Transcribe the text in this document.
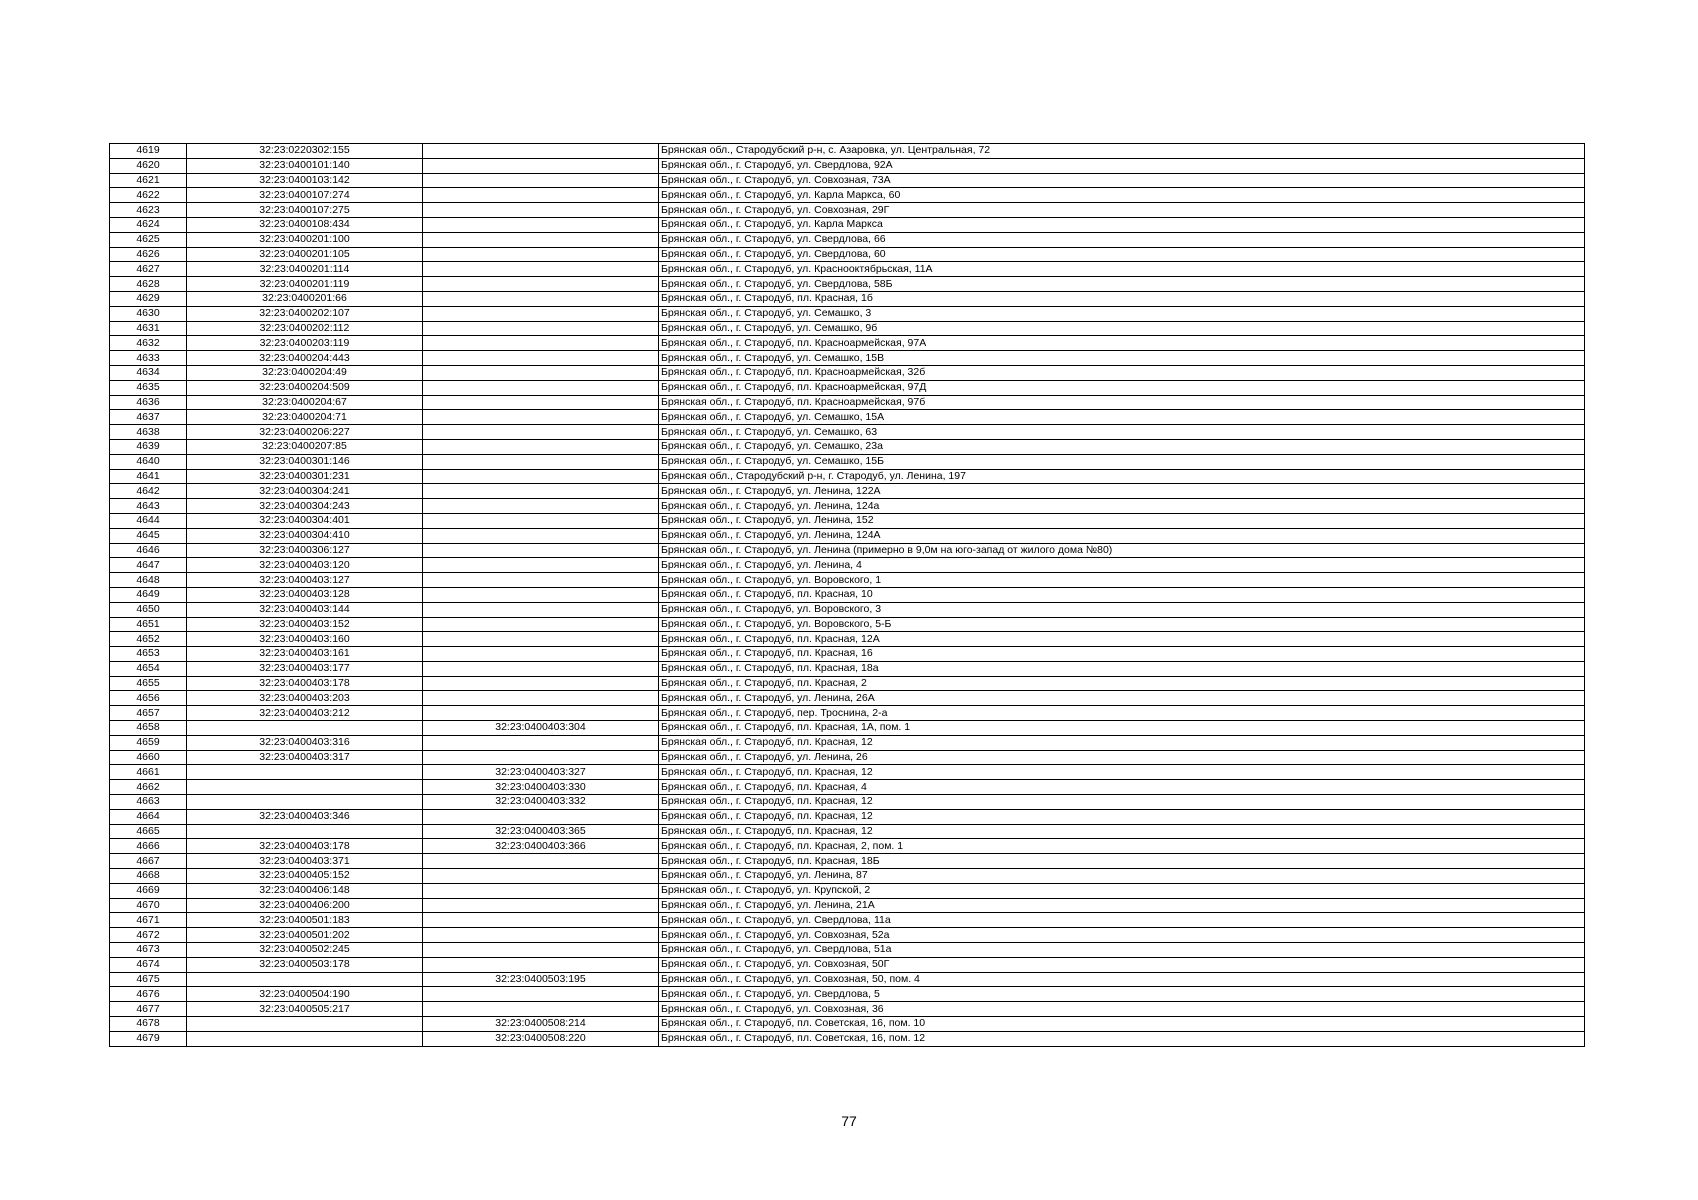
4619	32:23:0220302:155		Брянская обл., Стародубский р-н, с. Азаровка, ул. Центральная, 72
4620	32:23:0400101:140		Брянская обл., г. Стародуб, ул. Свердлова, 92А
4621	32:23:0400103:142		Брянская обл., г. Стародуб, ул. Совхозная, 73А
4622	32:23:0400107:274		Брянская обл., г. Стародуб, ул. Карла Маркса, 60
4623	32:23:0400107:275		Брянская обл., г. Стародуб, ул. Совхозная, 29Г
4624	32:23:0400108:434		Брянская обл., г. Стародуб, ул. Карла Маркса
4625	32:23:0400201:100		Брянская обл., г. Стародуб, ул. Свердлова, 66
4626	32:23:0400201:105		Брянская обл., г. Стародуб, ул. Свердлова, 60
4627	32:23:0400201:114		Брянская обл., г. Стародуб, ул. Краснооктябрьская, 11А
4628	32:23:0400201:119		Брянская обл., г. Стародуб, ул. Свердлова, 58Б
4629	32:23:0400201:66		Брянская обл., г. Стародуб, пл. Красная, 1б
4630	32:23:0400202:107		Брянская обл., г. Стародуб, ул. Семашко, 3
4631	32:23:0400202:112		Брянская обл., г. Стародуб, ул. Семашко, 9б
4632	32:23:0400203:119		Брянская обл., г. Стародуб, пл. Красноармейская, 97А
4633	32:23:0400204:443		Брянская обл., г. Стародуб, ул. Семашко, 15В
4634	32:23:0400204:49		Брянская обл., г. Стародуб, пл. Красноармейская, 32б
4635	32:23:0400204:509		Брянская обл., г. Стародуб, пл. Красноармейская, 97Д
4636	32:23:0400204:67		Брянская обл., г. Стародуб, пл. Красноармейская, 97б
4637	32:23:0400204:71		Брянская обл., г. Стародуб, ул. Семашко, 15А
4638	32:23:0400206:227		Брянская обл., г. Стародуб, ул. Семашко, 63
4639	32:23:0400207:85		Брянская обл., г. Стародуб, ул. Семашко, 23а
4640	32:23:0400301:146		Брянская обл., г. Стародуб, ул. Семашко, 15Б
4641	32:23:0400301:231		Брянская обл., Стародубский р-н, г. Стародуб, ул. Ленина, 197
4642	32:23:0400304:241		Брянская обл., г. Стародуб, ул. Ленина, 122А
4643	32:23:0400304:243		Брянская обл., г. Стародуб, ул. Ленина, 124а
4644	32:23:0400304:401		Брянская обл., г. Стародуб, ул. Ленина, 152
4645	32:23:0400304:410		Брянская обл., г. Стародуб, ул. Ленина, 124А
4646	32:23:0400306:127		Брянская обл., г. Стародуб, ул. Ленина (примерно в 9,0м на юго-запад от жилого дома №80)
4647	32:23:0400403:120		Брянская обл., г. Стародуб, ул. Ленина, 4
4648	32:23:0400403:127		Брянская обл., г. Стародуб, ул. Воровского, 1
4649	32:23:0400403:128		Брянская обл., г. Стародуб, пл. Красная, 10
4650	32:23:0400403:144		Брянская обл., г. Стародуб, ул. Воровского, 3
4651	32:23:0400403:152		Брянская обл., г. Стародуб, ул. Воровского, 5-Б
4652	32:23:0400403:160		Брянская обл., г. Стародуб, пл. Красная, 12А
4653	32:23:0400403:161		Брянская обл., г. Стародуб, пл. Красная, 16
4654	32:23:0400403:177		Брянская обл., г. Стародуб, пл. Красная, 18а
4655	32:23:0400403:178		Брянская обл., г. Стародуб, пл. Красная, 2
4656	32:23:0400403:203		Брянская обл., г. Стародуб, ул. Ленина, 26А
4657	32:23:0400403:212		Брянская обл., г. Стародуб, пер. Троснина, 2-а
4658		32:23:0400403:304	Брянская обл., г. Стародуб, пл. Красная, 1А, пом. 1
4659	32:23:0400403:316		Брянская обл., г. Стародуб, пл. Красная, 12
4660	32:23:0400403:317		Брянская обл., г. Стародуб, ул. Ленина, 26
4661		32:23:0400403:327	Брянская обл., г. Стародуб, пл. Красная, 12
4662		32:23:0400403:330	Брянская обл., г. Стародуб, пл. Красная, 4
4663		32:23:0400403:332	Брянская обл., г. Стародуб, пл. Красная, 12
4664	32:23:0400403:346		Брянская обл., г. Стародуб, пл. Красная, 12
4665		32:23:0400403:365	Брянская обл., г. Стародуб, пл. Красная, 12
4666	32:23:0400403:178	32:23:0400403:366	Брянская обл., г. Стародуб, пл. Красная, 2, пом. 1
4667	32:23:0400403:371		Брянская обл., г. Стародуб, пл. Красная, 18Б
4668	32:23:0400405:152		Брянская обл., г. Стародуб, ул. Ленина, 87
4669	32:23:0400406:148		Брянская обл., г. Стародуб, ул. Крупской, 2
4670	32:23:0400406:200		Брянская обл., г. Стародуб, ул. Ленина, 21А
4671	32:23:0400501:183		Брянская обл., г. Стародуб, ул. Свердлова, 11а
4672	32:23:0400501:202		Брянская обл., г. Стародуб, ул. Совхозная, 52а
4673	32:23:0400502:245		Брянская обл., г. Стародуб, ул. Свердлова, 51а
4674	32:23:0400503:178		Брянская обл., г. Стародуб, ул. Совхозная, 50Г
4675		32:23:0400503:195	Брянская обл., г. Стародуб, ул. Совхозная, 50, пом. 4
4676	32:23:0400504:190		Брянская обл., г. Стародуб, ул. Свердлова, 5
4677	32:23:0400505:217		Брянская обл., г. Стародуб, ул. Совхозная, 36
4678		32:23:0400508:214	Брянская обл., г. Стародуб, пл. Советская, 16, пом. 10
4679		32:23:0400508:220	Брянская обл., г. Стародуб, пл. Советская, 16, пом. 12
77
